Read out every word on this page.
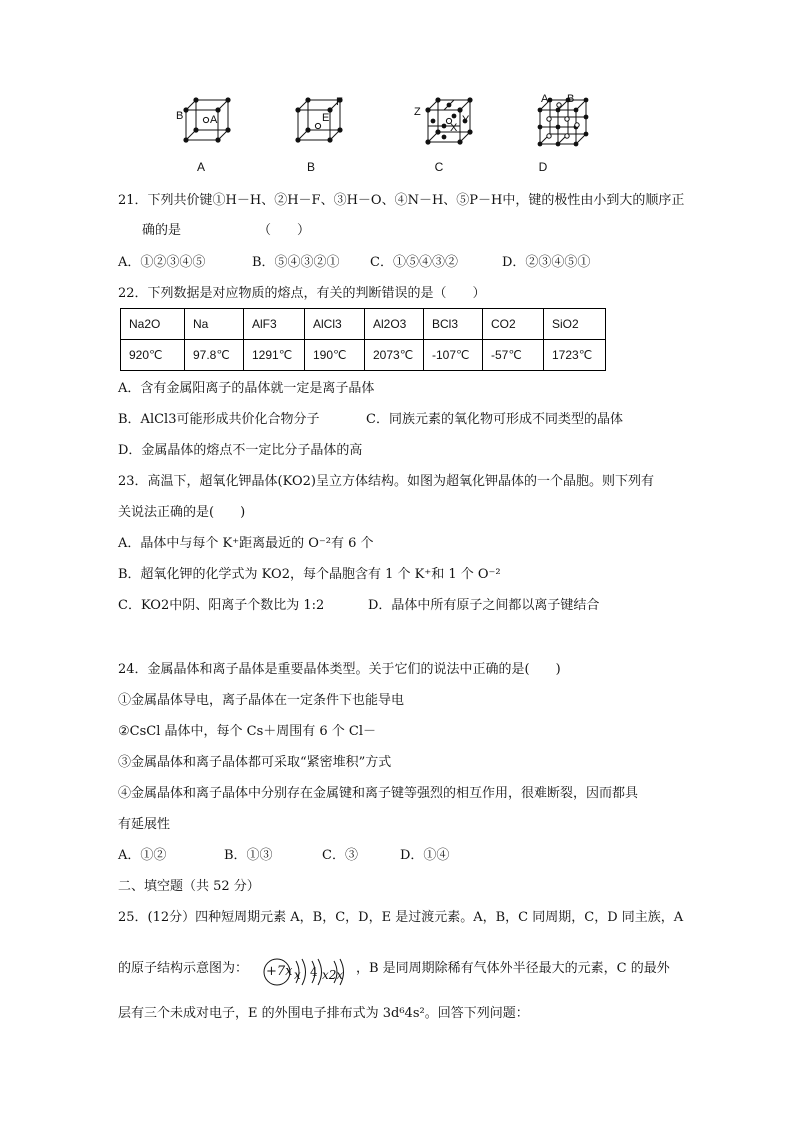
B A
F
E	Z
X
Y
A B
A	B	C	D
21．下列共价键①H－H、②H－F、③H－O、④N－H、⑤P－H中，键的极性由小到大的顺序正
确的是	（　　）
A．①②③④⑤	B．⑤④③②① C．①⑤④③②	D．②③④⑤①
22．下列数据是对应物质的熔点，有关的判断错误的是（　　）
Na2O	Na	AlF3	AlCl3	Al2O3	BCl3	CO2	SiO2
920℃	97.8℃	1291℃	190℃	2073℃	-107℃	-57℃	1723℃
A．含有金属阳离子的晶体就一定是离子晶体
B．AlCl3可能形成共价化合物分子	C．同族元素的氧化物可形成不同类型的晶体
D．金属晶体的熔点不一定比分子晶体的高
23．高温下，超氧化钾晶体(KO2)呈立方体结构。如图为超氧化钾晶体的一个晶胞。则下列有
关说法正确的是(　　)
A．晶体中与每个 K⁺距离最近的 O⁻²有 6 个
B．超氧化钾的化学式为 KO2，每个晶胞含有 1 个 K⁺和 1 个 O⁻²
C．KO2中阴、阳离子个数比为 1:2	D．晶体中所有原子之间都以离子键结合
24．金属晶体和离子晶体是重要晶体类型。关于它们的说法中正确的是(　　)
①金属晶体导电，离子晶体在一定条件下也能导电
②CsCl 晶体中，每个 Cs＋周围有 6 个 Cl－
③金属晶体和离子晶体都可采取“紧密堆积”方式
④金属晶体和离子晶体中分别存在金属键和离子键等强烈的相互作用，很难断裂，因而都具
有延展性
A．①②	B．①③	C．③	D．①④
二、填空题（共 52 分）
25．(12分）四种短周期元素 A，B，C，D，E 是过渡元素。A，B，C 同周期，C，D 同主族，A
的原子结构示意图为： +7x x 4 x2x ，B 是同周期除稀有气体外半径最大的元素，C 的最外
层有三个未成对电子，E 的外围电子排布式为 3d⁶4s²。回答下列问题：
